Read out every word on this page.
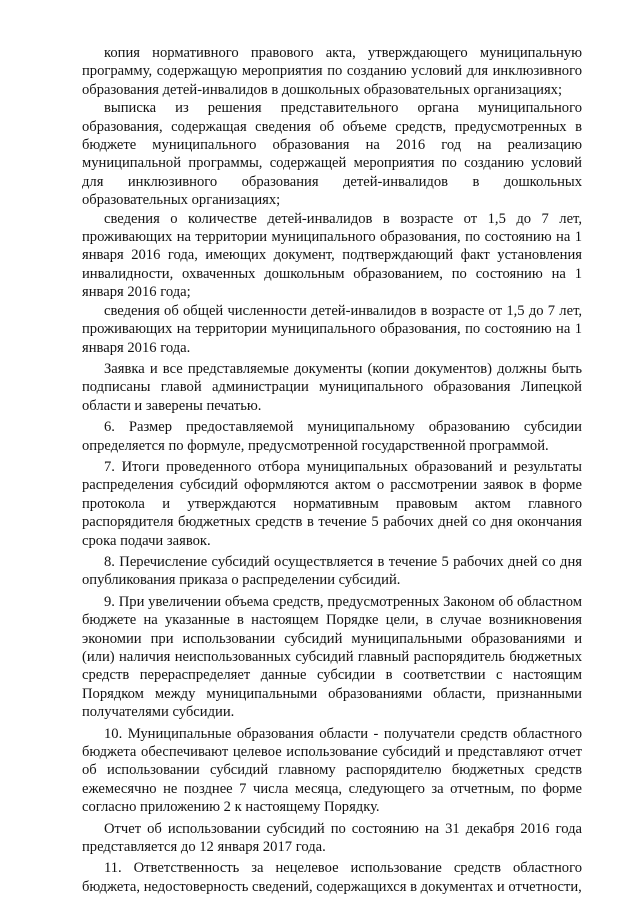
копия нормативного правового акта, утверждающего муниципальную программу, содержащую мероприятия по созданию условий для инклюзивного образования детей-инвалидов в дошкольных образовательных организациях;

выписка из решения представительного органа муниципального образования, содержащая сведения об объеме средств, предусмотренных в бюджете муниципального образования на 2016 год на реализацию муниципальной программы, содержащей мероприятия по созданию условий для инклюзивного образования детей-инвалидов в дошкольных образовательных организациях;

сведения о количестве детей-инвалидов в возрасте от 1,5 до 7 лет, проживающих на территории муниципального образования, по состоянию на 1 января 2016 года, имеющих документ, подтверждающий факт установления инвалидности, охваченных дошкольным образованием, по состоянию на 1 января 2016 года;

сведения об общей численности детей-инвалидов в возрасте от 1,5 до 7 лет, проживающих на территории муниципального образования, по состоянию на 1 января 2016 года.

Заявка и все представляемые документы (копии документов) должны быть подписаны главой администрации муниципального образования Липецкой области и заверены печатью.

6. Размер предоставляемой муниципальному образованию субсидии определяется по формуле, предусмотренной государственной программой.

7. Итоги проведенного отбора муниципальных образований и результаты распределения субсидий оформляются актом о рассмотрении заявок в форме протокола и утверждаются нормативным правовым актом главного распорядителя бюджетных средств в течение 5 рабочих дней со дня окончания срока подачи заявок.

8. Перечисление субсидий осуществляется в течение 5 рабочих дней со дня опубликования приказа о распределении субсидий.

9. При увеличении объема средств, предусмотренных Законом об областном бюджете на указанные в настоящем Порядке цели, в случае возникновения экономии при использовании субсидий муниципальными образованиями и (или) наличия неиспользованных субсидий главный распорядитель бюджетных средств перераспределяет данные субсидии в соответствии с настоящим Порядком между муниципальными образованиями области, признанными получателями субсидии.

10. Муниципальные образования области - получатели средств областного бюджета обеспечивают целевое использование субсидий и представляют отчет об использовании субсидий главному распорядителю бюджетных средств ежемесячно не позднее 7 числа месяца, следующего за отчетным, по форме согласно приложению 2 к настоящему Порядку.

Отчет об использовании субсидий по состоянию на 31 декабря 2016 года представляется до 12 января 2017 года.

11. Ответственность за нецелевое использование средств областного бюджета, недостоверность сведений, содержащихся в документах и отчетности,
